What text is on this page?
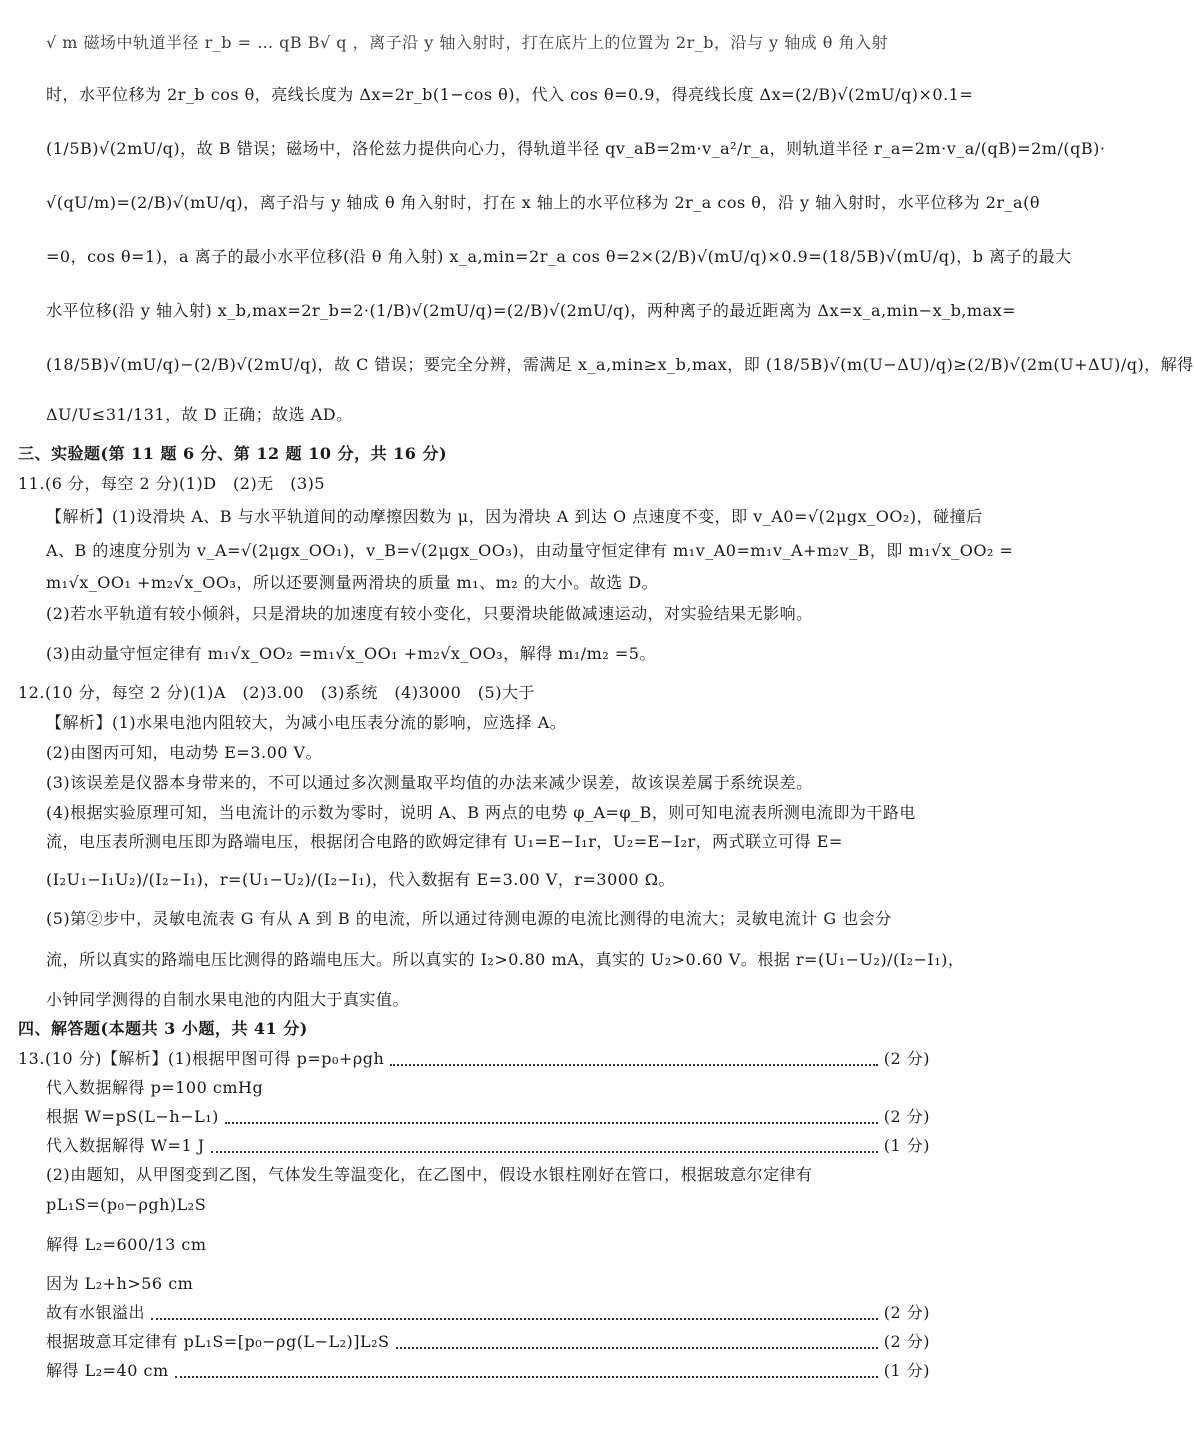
√ m 磁场中轨道半径 r_b = … qB B√ q ，离子沿 y 轴入射时，打在底片上的位置为 2r_b，沿与 y 轴成 θ 角入射
时，水平位移为 2r_b cos θ，亮线长度为 Δx=2r_b(1−cos θ)，代入 cos θ=0.9，得亮线长度 Δx=(2/B)√(2mU/q)×0.1=
(1/5B)√(2mU/q)，故 B 错误；磁场中，洛伦兹力提供向心力，得轨道半径 qv_aB=2m·v_a²/r_a，则轨道半径 r_a=2m·v_a/(qB)=2m/(qB)·
√(qU/m)=(2/B)√(mU/q)，离子沿与 y 轴成 θ 角入射时，打在 x 轴上的水平位移为 2r_a cos θ，沿 y 轴入射时，水平位移为 2r_a(θ
=0，cos θ=1)，a 离子的最小水平位移(沿 θ 角入射) x_a,min=2r_a cos θ=2×(2/B)√(mU/q)×0.9=(18/5B)√(mU/q)，b 离子的最大
水平位移(沿 y 轴入射) x_b,max=2r_b=2·(1/B)√(2mU/q)=(2/B)√(2mU/q)，两种离子的最近距离为 Δx=x_a,min−x_b,max=
(18/5B)√(mU/q)−(2/B)√(2mU/q)，故 C 错误；要完全分辨，需满足 x_a,min≥x_b,max，即 (18/5B)√(m(U−ΔU)/q)≥(2/B)√(2m(U+ΔU)/q)，解得
ΔU/U≤31/131，故 D 正确；故选 AD。
三、实验题(第 11 题 6 分、第 12 题 10 分，共 16 分)
11.(6 分，每空 2 分)(1)D　(2)无　(3)5
【解析】(1)设滑块 A、B 与水平轨道间的动摩擦因数为 μ，因为滑块 A 到达 O 点速度不变，即 v_A0=√(2μgx_OO₂)，碰撞后
A、B 的速度分别为 v_A=√(2μgx_OO₁)，v_B=√(2μgx_OO₃)，由动量守恒定律有 m₁v_A0=m₁v_A+m₂v_B，即 m₁√x_OO₂ =
m₁√x_OO₁ +m₂√x_OO₃，所以还要测量两滑块的质量 m₁、m₂ 的大小。故选 D。
(2)若水平轨道有较小倾斜，只是滑块的加速度有较小变化，只要滑块能做减速运动，对实验结果无影响。
(3)由动量守恒定律有 m₁√x_OO₂ =m₁√x_OO₁ +m₂√x_OO₃，解得 m₁/m₂ =5。
12.(10 分，每空 2 分)(1)A　(2)3.00　(3)系统　(4)3000　(5)大于
【解析】(1)水果电池内阻较大，为减小电压表分流的影响，应选择 A。
(2)由图丙可知，电动势 E=3.00 V。
(3)该误差是仪器本身带来的，不可以通过多次测量取平均值的办法来减少误差，故该误差属于系统误差。
(4)根据实验原理可知，当电流计的示数为零时，说明 A、B 两点的电势 φ_A=φ_B，则可知电流表所测电流即为干路电
流，电压表所测电压即为路端电压，根据闭合电路的欧姆定律有 U₁=E−I₁r，U₂=E−I₂r，两式联立可得 E=
(I₂U₁−I₁U₂)/(I₂−I₁)，r=(U₁−U₂)/(I₂−I₁)，代入数据有 E=3.00 V，r=3000 Ω。
(5)第②步中，灵敏电流表 G 有从 A 到 B 的电流，所以通过待测电源的电流比测得的电流大；灵敏电流计 G 也会分
流，所以真实的路端电压比测得的路端电压大。所以真实的 I₂>0.80 mA，真实的 U₂>0.60 V。根据 r=(U₁−U₂)/(I₂−I₁)，
小钟同学测得的自制水果电池的内阻大于真实值。
四、解答题(本题共 3 小题，共 41 分)
13.(10 分)【解析】(1)根据甲图可得 p=p₀+ρgh	(2 分)
代入数据解得 p=100 cmHg
根据 W=pS(L−h−L₁)	(2 分)
代入数据解得 W=1 J	(1 分)
(2)由题知，从甲图变到乙图，气体发生等温变化，在乙图中，假设水银柱刚好在管口，根据玻意尔定律有
pL₁S=(p₀−ρgh)L₂S
解得 L₂=600/13 cm
因为 L₂+h>56 cm
故有水银溢出	(2 分)
根据玻意耳定律有 pL₁S=[p₀−ρg(L−L₂)]L₂S	(2 分)
解得 L₂=40 cm	(1 分)
